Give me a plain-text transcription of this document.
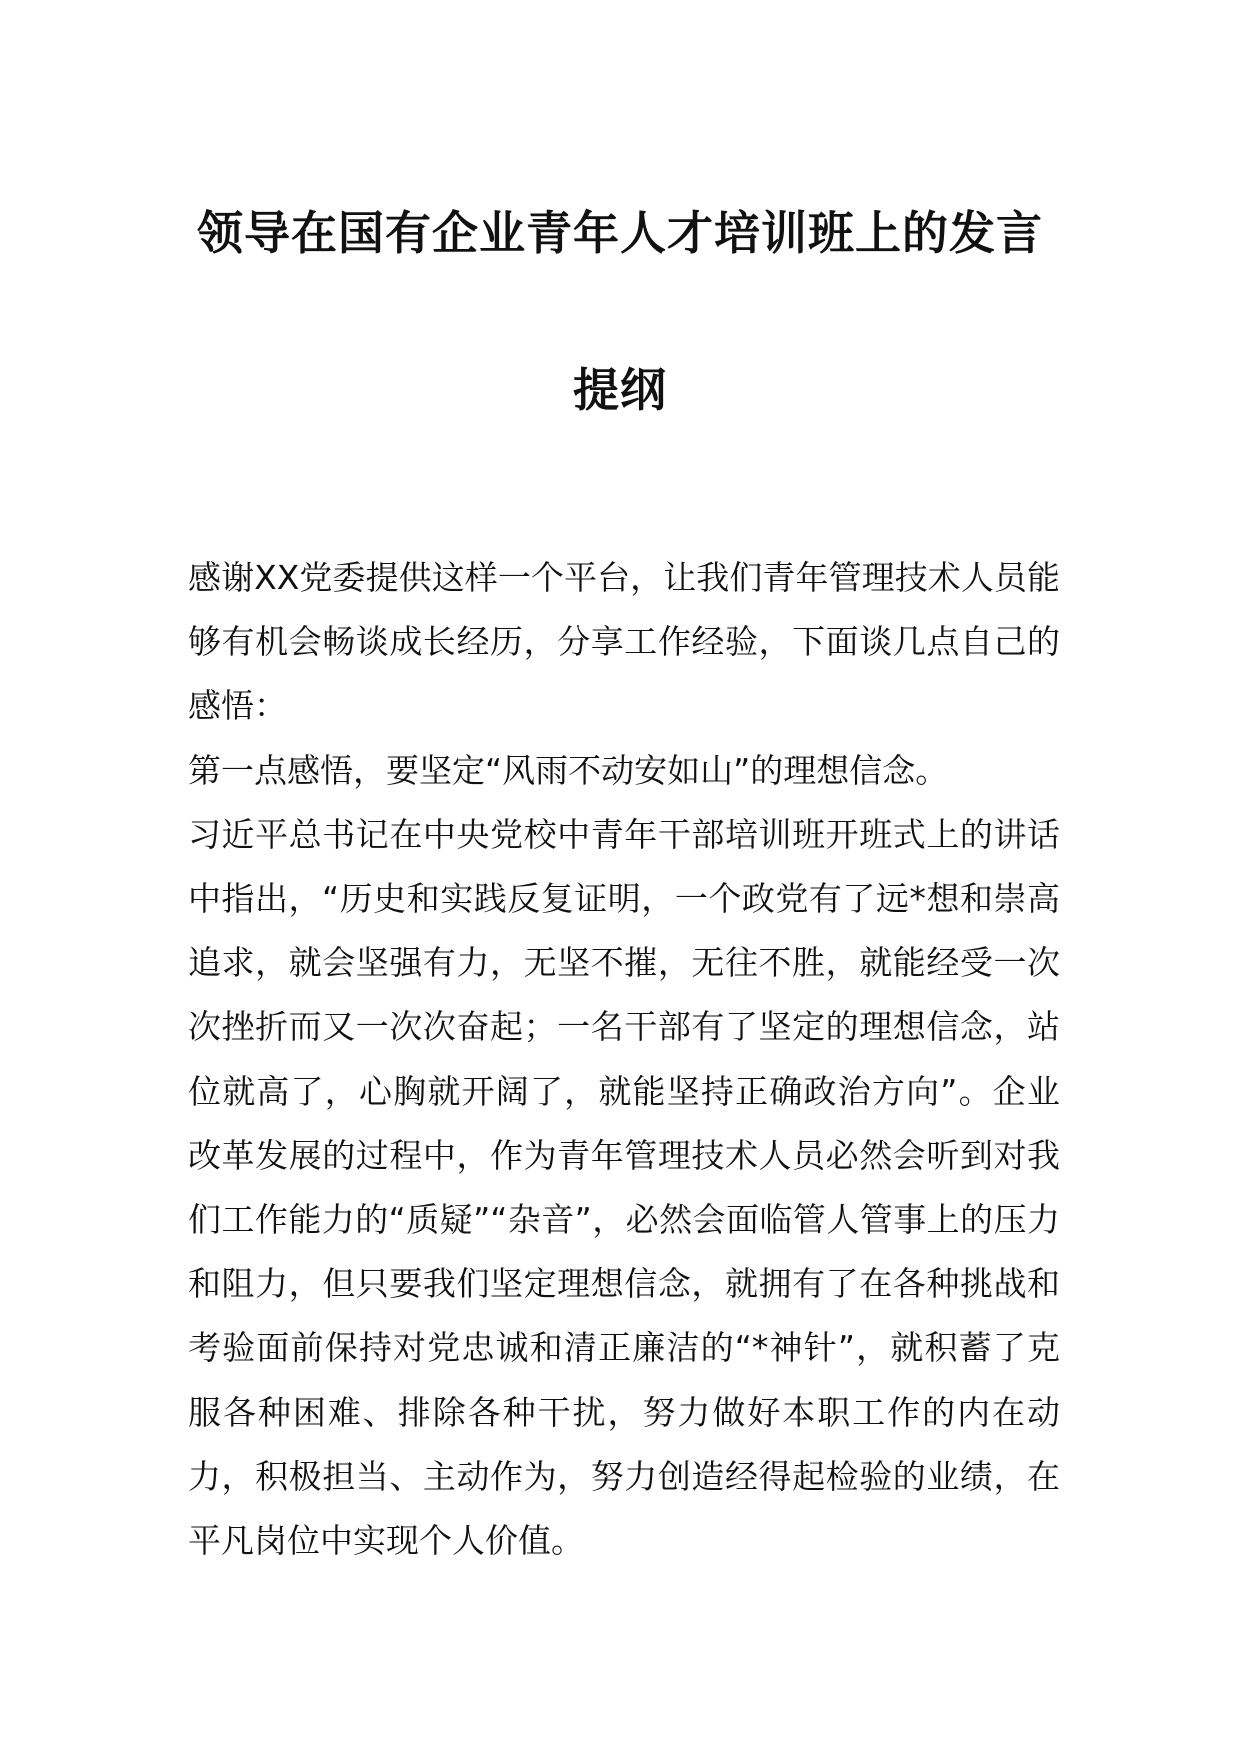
领导在国有企业青年人才培训班上的发言
提纲

感谢XX党委提供这样一个平台，让我们青年管理技术人员能够有机会畅谈成长经历，分享工作经验，下面谈几点自己的感悟：

第一点感悟，要坚定“风雨不动安如山”的理想信念。

习近平总书记在中央党校中青年干部培训班开班式上的讲话中指出，“历史和实践反复证明，一个政党有了远*想和崇高追求，就会坚强有力，无坚不摧，无往不胜，就能经受一次次挫折而又一次次奋起；一名干部有了坚定的理想信念，站位就高了，心胸就开阔了，就能坚持正确政治方向”。企业改革发展的过程中，作为青年管理技术人员必然会听到对我们工作能力的“质疑”“杂音”，必然会面临管人管事上的压力和阻力，但只要我们坚定理想信念，就拥有了在各种挑战和考验面前保持对党忠诚和清正廉洁的“*神针”，就积蓄了克服各种困难、排除各种干扰，努力做好本职工作的内在动力，积极担当、主动作为，努力创造经得起检验的业绩，在平凡岗位中实现个人价值。
